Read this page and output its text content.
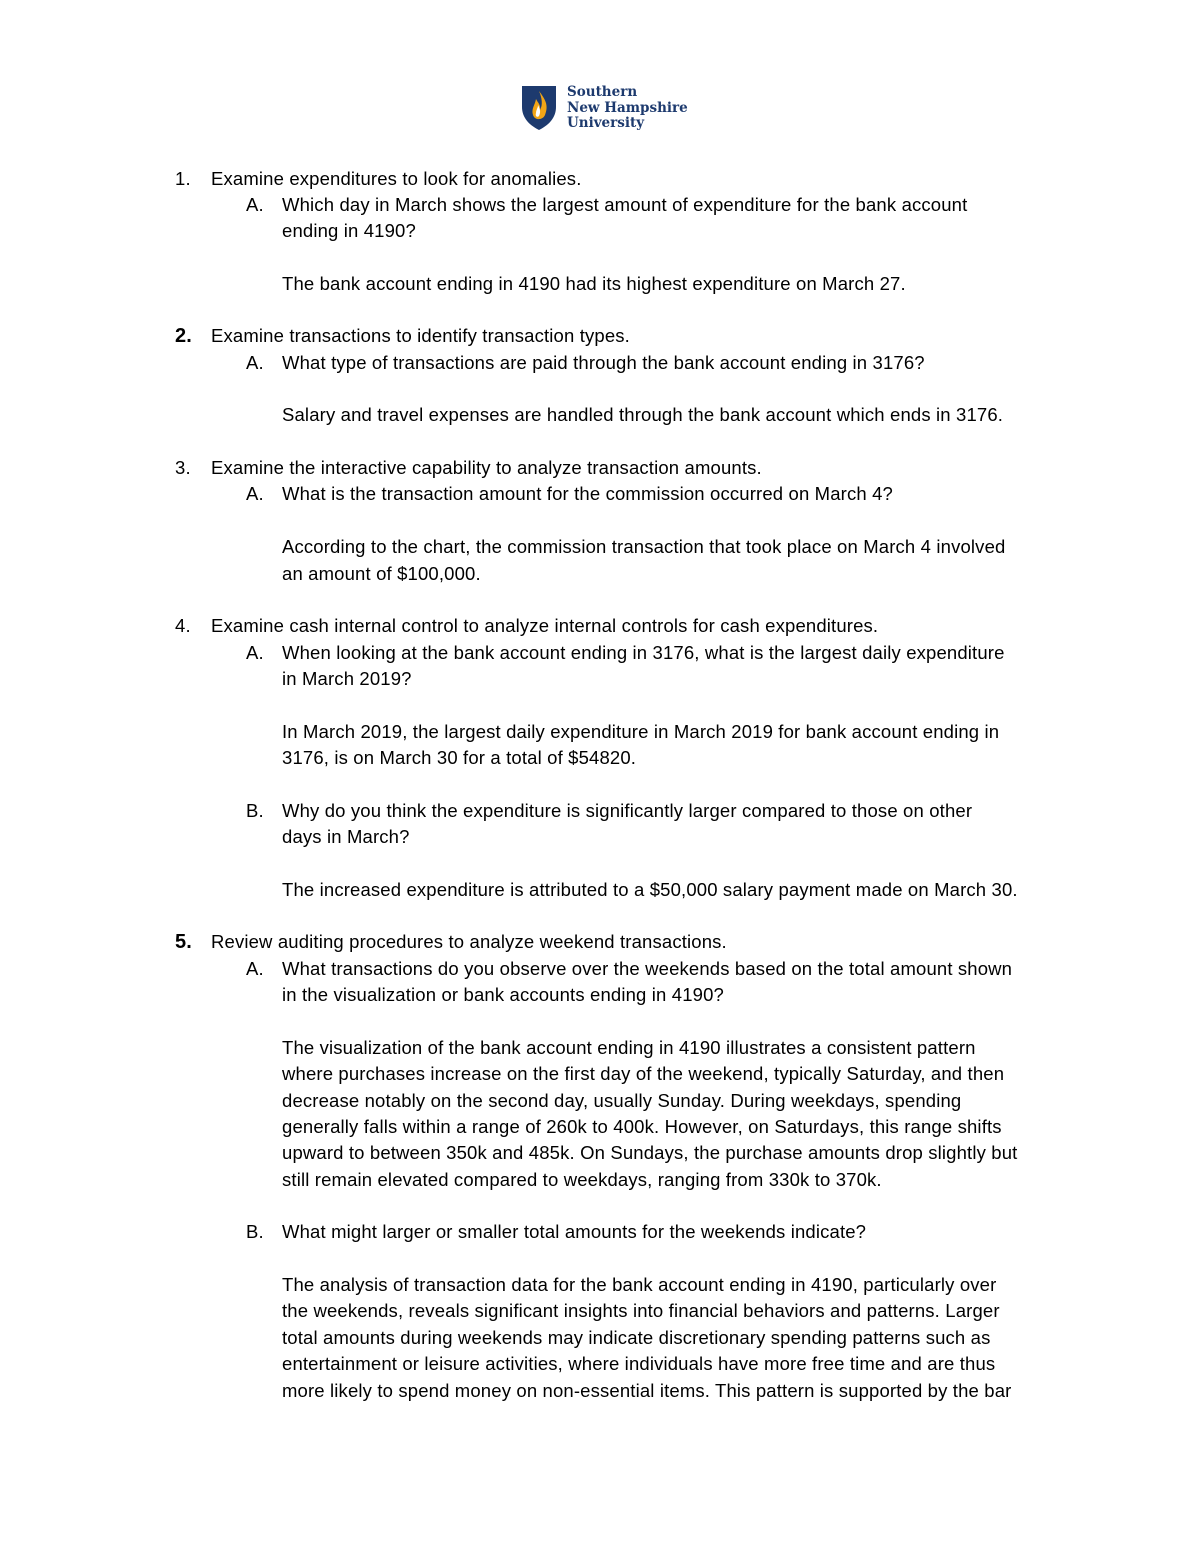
Southern
New Hampshire
University
1. Examine expenditures to look for anomalies.
A. Which day in March shows the largest amount of expenditure for the bank account
ending in 4190?
The bank account ending in 4190 had its highest expenditure on March 27.
2. Examine transactions to identify transaction types.
A. What type of transactions are paid through the bank account ending in 3176?
Salary and travel expenses are handled through the bank account which ends in 3176.
3. Examine the interactive capability to analyze transaction amounts.
A. What is the transaction amount for the commission occurred on March 4?
According to the chart, the commission transaction that took place on March 4 involved
an amount of $100,000.
4. Examine cash internal control to analyze internal controls for cash expenditures.
A. When looking at the bank account ending in 3176, what is the largest daily expenditure
in March 2019?
In March 2019, the largest daily expenditure in March 2019 for bank account ending in
3176, is on March 30 for a total of $54820.
B. Why do you think the expenditure is significantly larger compared to those on other
days in March?
The increased expenditure is attributed to a $50,000 salary payment made on March 30.
5. Review auditing procedures to analyze weekend transactions.
A. What transactions do you observe over the weekends based on the total amount shown
in the visualization or bank accounts ending in 4190?
The visualization of the bank account ending in 4190 illustrates a consistent pattern
where purchases increase on the first day of the weekend, typically Saturday, and then
decrease notably on the second day, usually Sunday. During weekdays, spending
generally falls within a range of 260k to 400k. However, on Saturdays, this range shifts
upward to between 350k and 485k. On Sundays, the purchase amounts drop slightly but
still remain elevated compared to weekdays, ranging from 330k to 370k.
B. What might larger or smaller total amounts for the weekends indicate?
The analysis of transaction data for the bank account ending in 4190, particularly over
the weekends, reveals significant insights into financial behaviors and patterns. Larger
total amounts during weekends may indicate discretionary spending patterns such as
entertainment or leisure activities, where individuals have more free time and are thus
more likely to spend money on non-essential items. This pattern is supported by the bar
